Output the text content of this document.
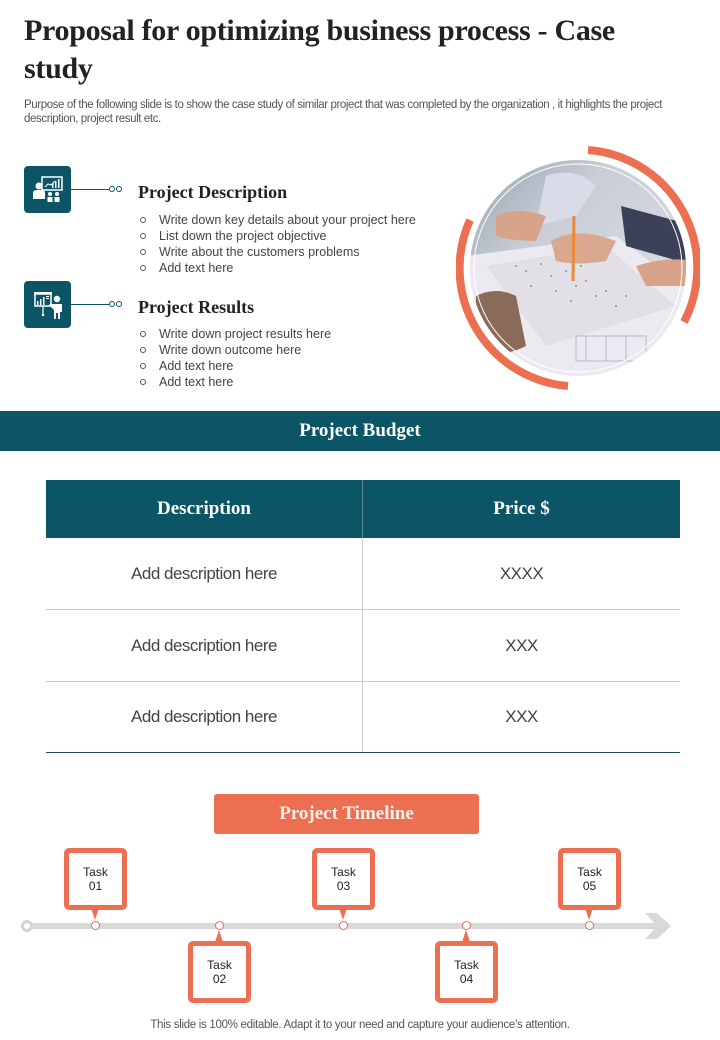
Proposal for optimizing business process - Case study
Purpose of the following slide is to show the case study of similar project that was completed by the organization , it highlights the project description, project result etc.
Project Description
Write down key details about your project here
List down the project objective
Write about the customers problems
Add text here
Project Results
Write down project results here
Write down outcome here
Add text here
Add text here
Project Budget
Description	Price $
Add description here	XXXX
Add description here	XXX
Add description here	XXX
Project Timeline
Task
01
Task
02
Task
03
Task
04
Task
05
This slide is 100% editable. Adapt it to your need and capture your audience’s attention.
